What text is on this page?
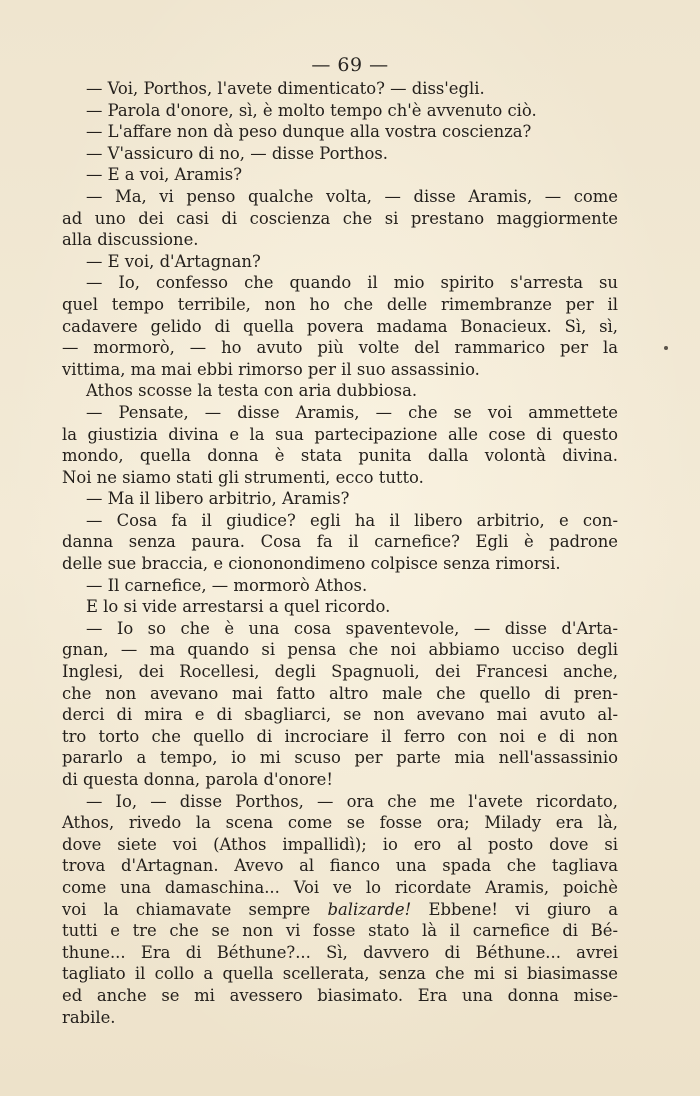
— 69 —
— Voi, Porthos, l'avete dimenticato? — diss'egli.
— Parola d'onore, sì, è molto tempo ch'è avvenuto ciò.
— L'affare non dà peso dunque alla vostra coscienza?
— V'assicuro di no, — disse Porthos.
— E a voi, Aramis?
— Ma, vi penso qualche volta, — disse Aramis, — come
ad uno dei casi di coscienza che si prestano maggiormente
alla discussione.
— E voi, d'Artagnan?
— Io, confesso che quando il mio spirito s'arresta su
quel tempo terribile, non ho che delle rimembranze per il
cadavere gelido di quella povera madama Bonacieux. Sì, sì,
— mormorò, — ho avuto più volte del rammarico per la
vittima, ma mai ebbi rimorso per il suo assassinio.
Athos scosse la testa con aria dubbiosa.
— Pensate, — disse Aramis, — che se voi ammettete
la giustizia divina e la sua partecipazione alle cose di questo
mondo, quella donna è stata punita dalla volontà divina.
Noi ne siamo stati gli strumenti, ecco tutto.
— Ma il libero arbitrio, Aramis?
— Cosa fa il giudice? egli ha il libero arbitrio, e con-
danna senza paura. Cosa fa il carnefice? Egli è padrone
delle sue braccia, e ciononondimeno colpisce senza rimorsi.
— Il carnefice, — mormorò Athos.
E lo si vide arrestarsi a quel ricordo.
— Io so che è una cosa spaventevole, — disse d'Arta-
gnan, — ma quando si pensa che noi abbiamo ucciso degli
Inglesi, dei Rocellesi, degli Spagnuoli, dei Francesi anche,
che non avevano mai fatto altro male che quello di pren-
derci di mira e di sbagliarci, se non avevano mai avuto al-
tro torto che quello di incrociare il ferro con noi e di non
pararlo a tempo, io mi scuso per parte mia nell'assassinio
di questa donna, parola d'onore!
— Io, — disse Porthos, — ora che me l'avete ricordato,
Athos, rivedo la scena come se fosse ora; Milady era là,
dove siete voi (Athos impallidì); io ero al posto dove si
trova d'Artagnan. Avevo al fianco una spada che tagliava
come una damaschina... Voi ve lo ricordate Aramis, poichè
voi la chiamavate sempre balizarde! Ebbene! vi giuro a
tutti e tre che se non vi fosse stato là il carnefice di Bé-
thune... Era di Béthune?... Sì, davvero di Béthune... avrei
tagliato il collo a quella scellerata, senza che mi si biasimasse
ed anche se mi avessero biasimato. Era una donna mise-
rabile.
